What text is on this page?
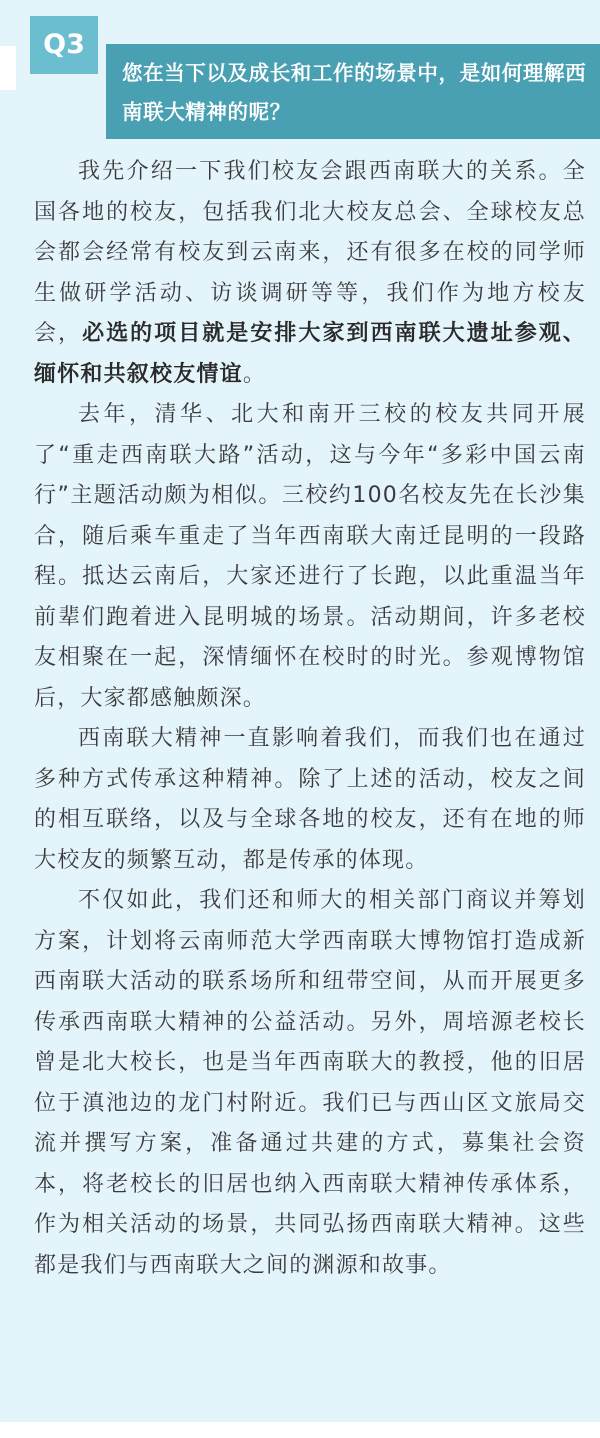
Q3

您在当下以及成长和工作的场景中，是如何理解西南联大精神的呢？

我先介绍一下我们校友会跟西南联大的关系。全国各地的校友，包括我们北大校友总会、全球校友总会都会经常有校友到云南来，还有很多在校的同学师生做研学活动、访谈调研等等，我们作为地方校友会，必选的项目就是安排大家到西南联大遗址参观、缅怀和共叙校友情谊。

去年，清华、北大和南开三校的校友共同开展了“重走西南联大路”活动，这与今年“多彩中国云南行”主题活动颇为相似。三校约100名校友先在长沙集合，随后乘车重走了当年西南联大南迁昆明的一段路程。抵达云南后，大家还进行了长跑，以此重温当年前辈们跑着进入昆明城的场景。活动期间，许多老校友相聚在一起，深情缅怀在校时的时光。参观博物馆后，大家都感触颇深。

西南联大精神一直影响着我们，而我们也在通过多种方式传承这种精神。除了上述的活动，校友之间的相互联络，以及与全球各地的校友，还有在地的师大校友的频繁互动，都是传承的体现。

不仅如此，我们还和师大的相关部门商议并筹划方案，计划将云南师范大学西南联大博物馆打造成新西南联大活动的联系场所和纽带空间，从而开展更多传承西南联大精神的公益活动。另外，周培源老校长曾是北大校长，也是当年西南联大的教授，他的旧居位于滇池边的龙门村附近。我们已与西山区文旅局交流并撰写方案，准备通过共建的方式，募集社会资本，将老校长的旧居也纳入西南联大精神传承体系，作为相关活动的场景，共同弘扬西南联大精神。这些都是我们与西南联大之间的渊源和故事。
